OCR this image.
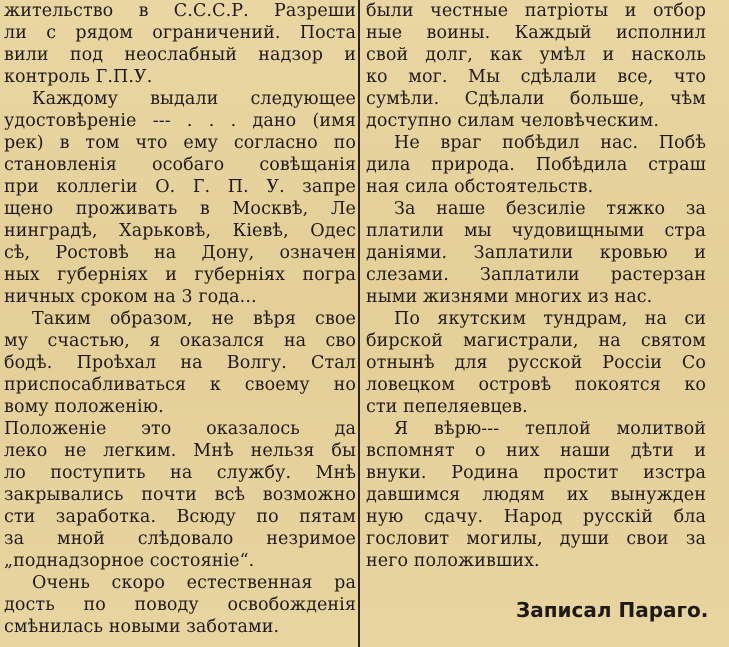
жительство в С.С.С.Р. Разреши
ли с рядом ограничений. Поста
вили под неослабный надзор и
контроль Г.П.У.
Каждому выдали следующее
удостовѣреніе --- . . . дано (имя
рек) в том что ему согласно по
становленія особаго совѣщанія
при коллегіи О. Г. П. У. запре
щено проживать в Москвѣ, Ле
нинградѣ, Харьковѣ, Кіевѣ, Одес
сѣ, Ростовѣ на Дону, означен
ных губерніях и губерніях погра
ничных сроком на 3 года...
Таким образом, не вѣря свое
му счастью, я оказался на сво
бодѣ. Проѣхал на Волгу. Стал
приспосабливаться к своему но
вому положенію.
Положеніе это оказалось да
леко не легким. Мнѣ нельзя бы
ло поступить на службу. Мнѣ
закрывались почти всѣ возможно
сти заработка. Всюду по пятам
за мной слѣдовало незримое
„поднадзорное состояніе“.
Очень скоро естественная ра
дость по поводу освобожденія
смѣнилась новыми заботами.
были честные патріоты и отбор
ные воины. Каждый исполнил
свой долг, как умѣл и насколь
ко мог. Мы сдѣлали все, что
сумѣли. Сдѣлали больше, чѣм
доступно силам человѣческим.
Не враг побѣдил нас. Побѣ
дила природа. Побѣдила страш
ная сила обстоятельств.
За наше безсиліе тяжко за
платили мы чудовищными стра
даніями. Заплатили кровью и
слезами. Заплатили растерзан
ными жизнями многих из нас.
По якутским тундрам, на си
бирской магистрали, на святом
отнынѣ для русской Россіи Со
ловецком островѣ покоятся ко
сти пепеляевцев.
Я вѣрю--- теплой молитвой
вспомнят о них наши дѣти и
внуки. Родина простит изстра
давшимся людям их вынужден
ную сдачу. Народ русскій бла
гословит могилы, души свои за
него положивших.
Записал Параго.
